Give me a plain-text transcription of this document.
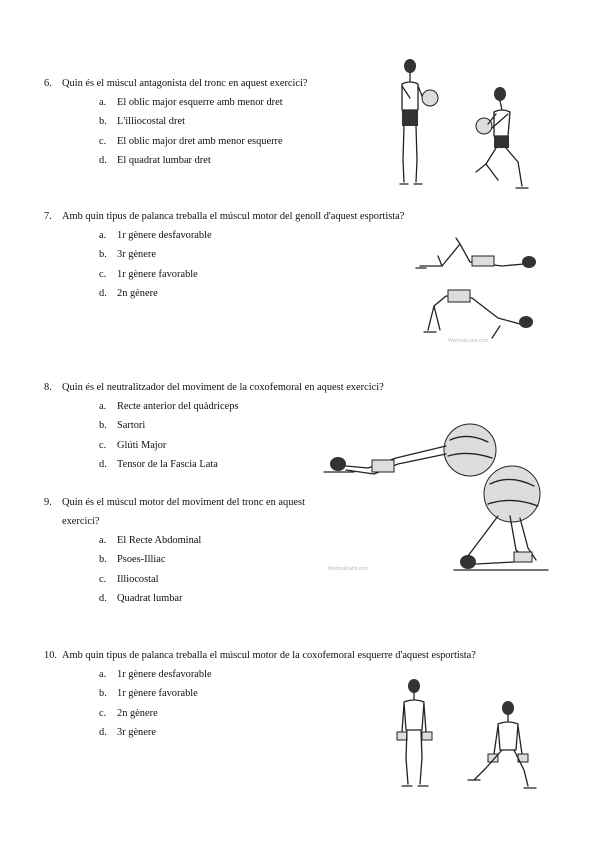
6. Quin és el múscul antagonista del tronc en aquest exercici?
a. El oblic major esquerre amb menor dret
b. L'illiocostal dret
c. El oblic major dret amb menor esquerre
d. El quadrat lumbar dret
7. Amb quin tipus de palanca treballa el múscul motor del genoll d'aquest esportista?
a. 1r gènere desfavorable
b. 3r gènere
c. 1r gènere favorable
d. 2n gènere
WorkoutLabs.com
8. Quin és el neutralitzador del moviment de la coxofemoral en aquest exercici?
a. Recte anterior del quàdriceps
b. Sartori
c. Glúti Major
d. Tensor de la Fascia Lata
WorkoutLabs.com
9. Quin és el múscul motor del moviment del tronc en aquest
exercici?
a. El Recte Abdominal
b. Psoes-Illiac
c. Illiocostal
d. Quadrat lumbar
10. Amb quin tipus de palanca treballa el múscul motor de la coxofemoral esquerre d'aquest esportista?
a. 1r gènere desfavorable
b. 1r gènere favorable
c. 2n gènere
d. 3r gènere
